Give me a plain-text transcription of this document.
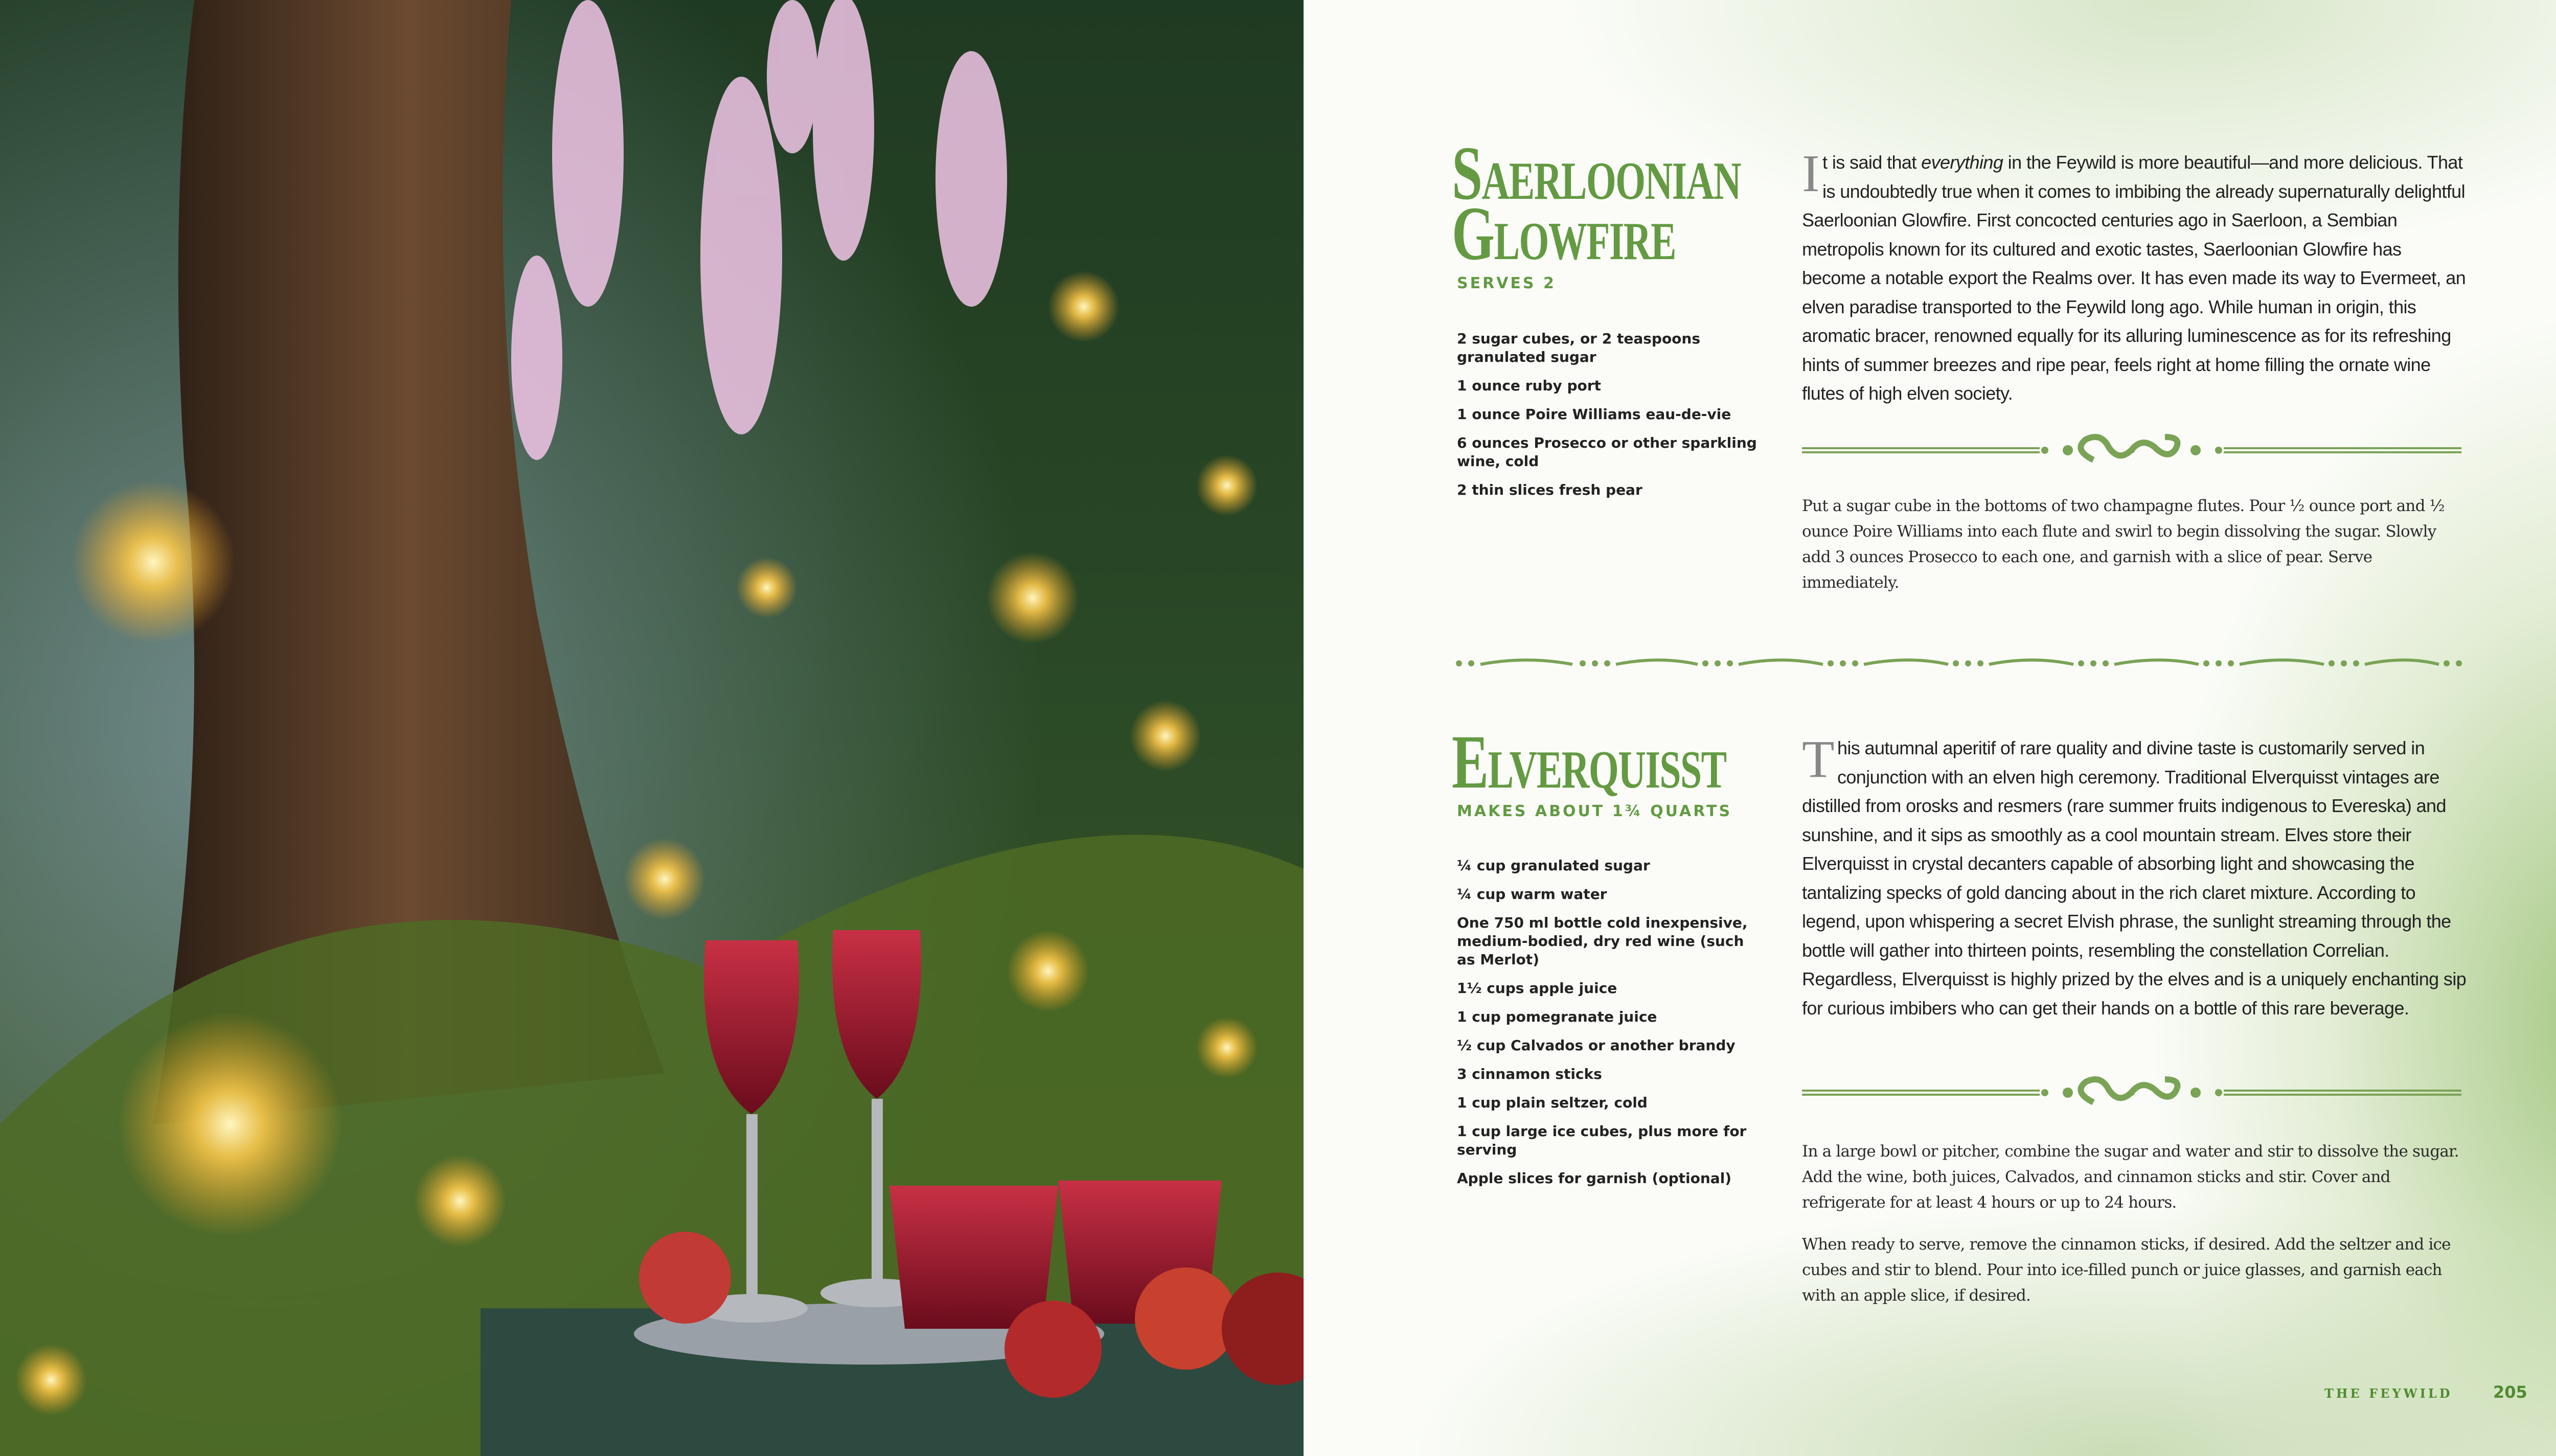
Saerloonian
Glowfire
SERVES 2
2 sugar cubes, or 2 teaspoons granulated sugar
1 ounce ruby port
1 ounce Poire Williams eau-de-vie
6 ounces Prosecco or other sparkling wine, cold
2 thin slices fresh pear
It is said that everything in the Feywild is more beautiful—and more delicious. That is undoubtedly true when it comes to imbibing the already supernaturally delightful Saerloonian Glowfire. First concocted centuries ago in Saerloon, a Sembian metropolis known for its cultured and exotic tastes, Saerloonian Glowfire has become a notable export the Realms over. It has even made its way to Evermeet, an elven paradise transported to the Feywild long ago. While human in origin, this aromatic bracer, renowned equally for its alluring luminescence as for its refreshing hints of summer breezes and ripe pear, feels right at home filling the ornate wine flutes of high elven society.

Put a sugar cube in the bottoms of two champagne flutes. Pour ½ ounce port and ½ ounce Poire Williams into each flute and swirl to begin dissolving the sugar. Slowly add 3 ounces Prosecco to each one, and garnish with a slice of pear. Serve immediately.

Elverquisst
MAKES ABOUT 1¾ QUARTS
¼ cup granulated sugar
¼ cup warm water
One 750 ml bottle cold inexpensive, medium-bodied, dry red wine (such as Merlot)
1½ cups apple juice
1 cup pomegranate juice
½ cup Calvados or another brandy
3 cinnamon sticks
1 cup plain seltzer, cold
1 cup large ice cubes, plus more for serving
Apple slices for garnish (optional)
This autumnal aperitif of rare quality and divine taste is customarily served in conjunction with an elven high ceremony. Traditional Elverquisst vintages are distilled from orosks and resmers (rare summer fruits indigenous to Evereska) and sunshine, and it sips as smoothly as a cool mountain stream. Elves store their Elverquisst in crystal decanters capable of absorbing light and showcasing the tantalizing specks of gold dancing about in the rich claret mixture. According to legend, upon whispering a secret Elvish phrase, the sunlight streaming through the bottle will gather into thirteen points, resembling the constellation Correlian. Regardless, Elverquisst is highly prized by the elves and is a uniquely enchanting sip for curious imbibers who can get their hands on a bottle of this rare beverage.

In a large bowl or pitcher, combine the sugar and water and stir to dissolve the sugar. Add the wine, both juices, Calvados, and cinnamon sticks and stir. Cover and refrigerate for at least 4 hours or up to 24 hours.

When ready to serve, remove the cinnamon sticks, if desired. Add the seltzer and ice cubes and stir to blend. Pour into ice-filled punch or juice glasses, and garnish each with an apple slice, if desired.

THE FEYWILD 205
